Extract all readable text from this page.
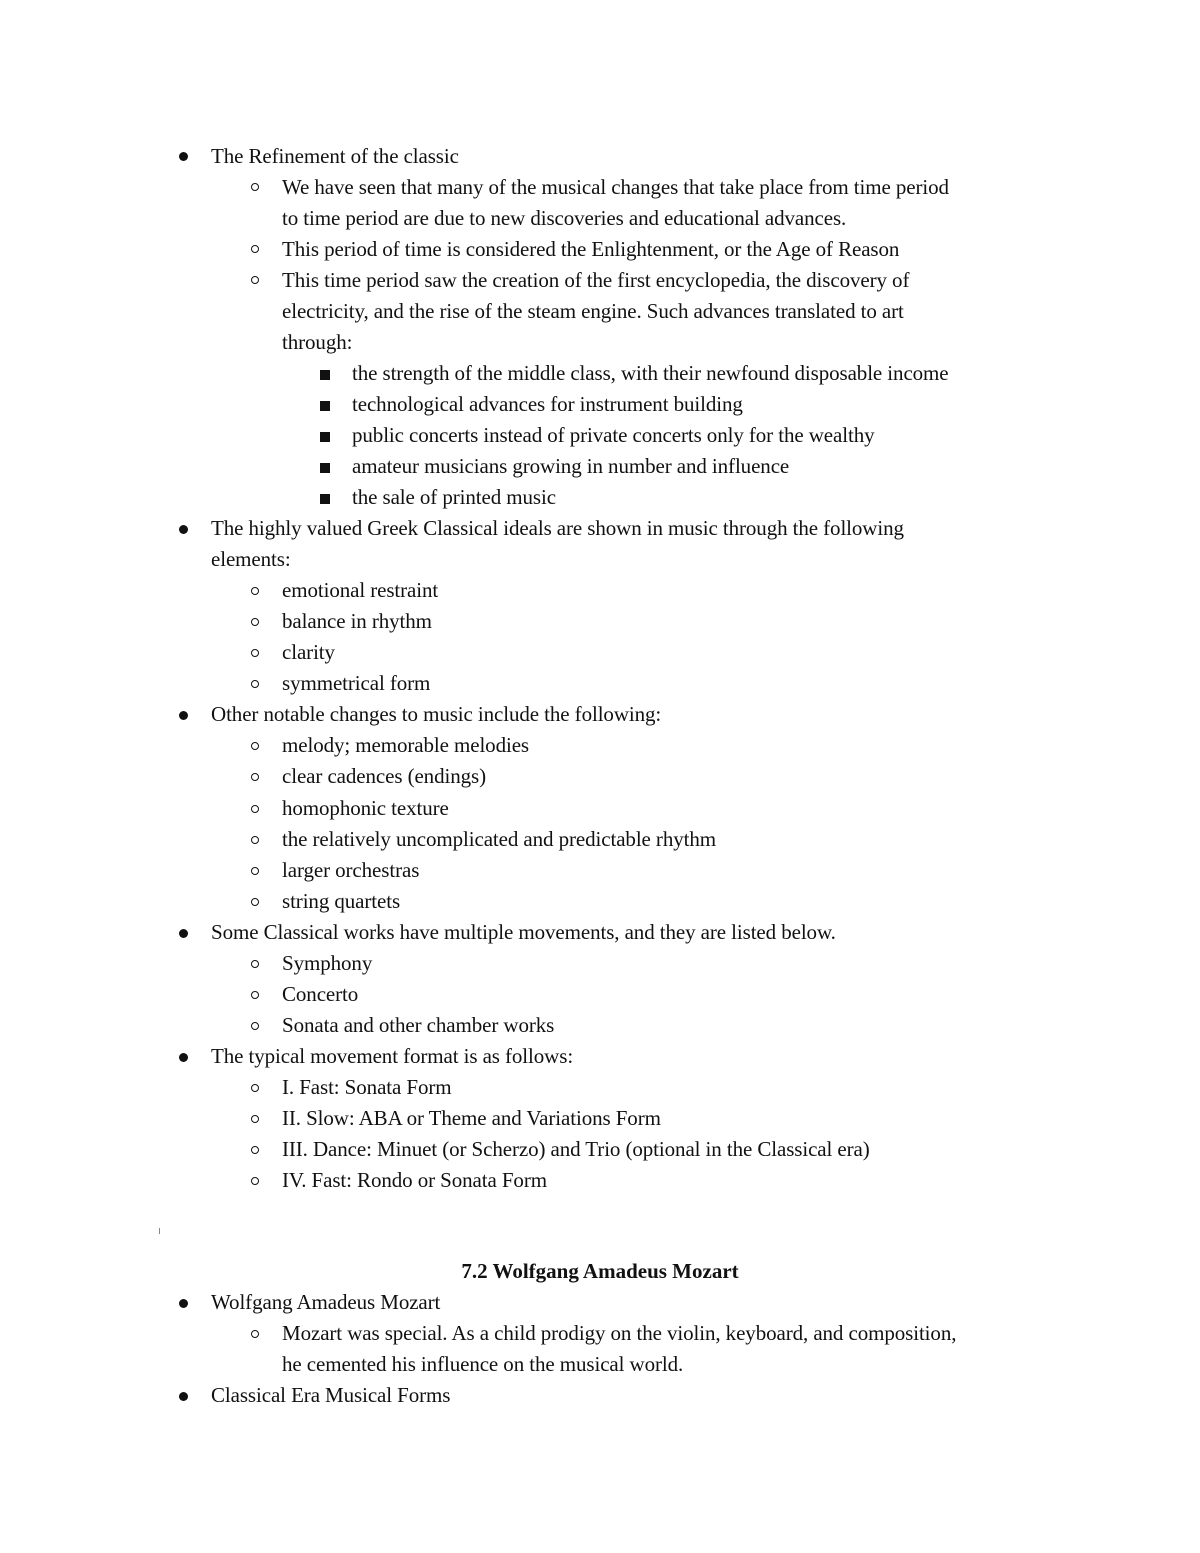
The Refinement of the classic
We have seen that many of the musical changes that take place from time period
to time period are due to new discoveries and educational advances.
This period of time is considered the Enlightenment, or the Age of Reason
This time period saw the creation of the first encyclopedia, the discovery of
electricity, and the rise of the steam engine. Such advances translated to art
through:
the strength of the middle class, with their newfound disposable income
technological advances for instrument building
public concerts instead of private concerts only for the wealthy
amateur musicians growing in number and influence
the sale of printed music
The highly valued Greek Classical ideals are shown in music through the following
elements:
emotional restraint
balance in rhythm
clarity
symmetrical form
Other notable changes to music include the following:
melody; memorable melodies
clear cadences (endings)
homophonic texture
the relatively uncomplicated and predictable rhythm
larger orchestras
string quartets
Some Classical works have multiple movements, and they are listed below.
Symphony
Concerto
Sonata and other chamber works
The typical movement format is as follows:
I. Fast: Sonata Form
II. Slow: ABA or Theme and Variations Form
III. Dance: Minuet (or Scherzo) and Trio (optional in the Classical era)
IV. Fast: Rondo or Sonata Form
7.2 Wolfgang Amadeus Mozart
Wolfgang Amadeus Mozart
Mozart was special. As a child prodigy on the violin, keyboard, and composition,
he cemented his influence on the musical world.
Classical Era Musical Forms
